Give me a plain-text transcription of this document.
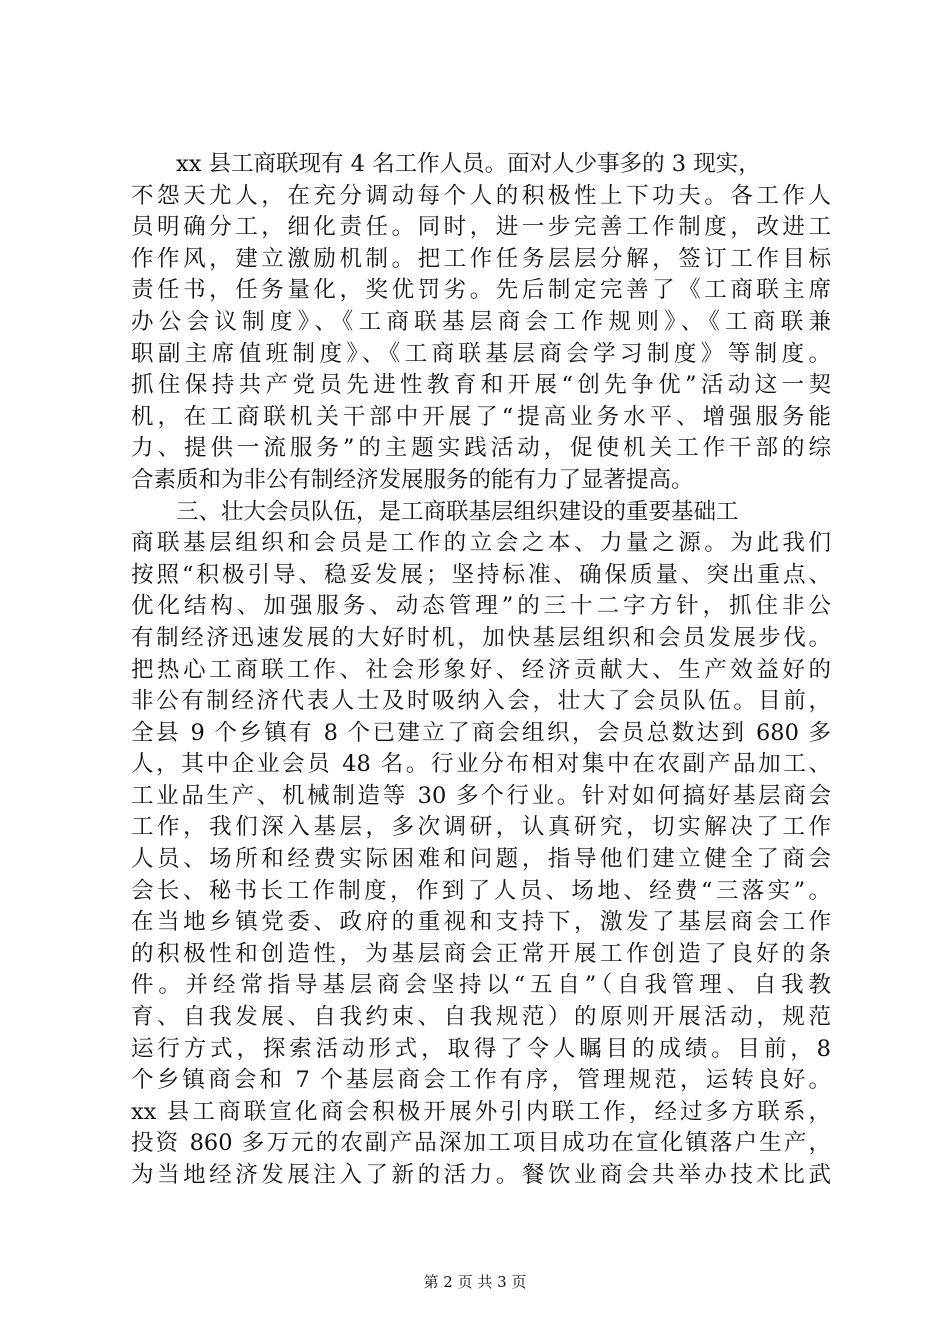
xx 县工商联现有 4 名工作人员。面对人少事多的 3 现实，
不怨天尤人，在充分调动每个人的积极性上下功夫。各工作人
员明确分工，细化责任。同时，进一步完善工作制度，改进工
作作风，建立激励机制。把工作任务层层分解，签订工作目标
责任书，任务量化，奖优罚劣。先后制定完善了《工商联主席
办公会议制度》、《工商联基层商会工作规则》、《工商联兼
职副主席值班制度》、《工商联基层商会学习制度》等制度。
抓住保持共产党员先进性教育和开展“创先争优”活动这一契
机，在工商联机关干部中开展了“提高业务水平、增强服务能
力、提供一流服务”的主题实践活动，促使机关工作干部的综
合素质和为非公有制经济发展服务的能有力了显著提高。
三、壮大会员队伍，是工商联基层组织建设的重要基础工
商联基层组织和会员是工作的立会之本、力量之源。为此我们
按照“积极引导、稳妥发展；坚持标准、确保质量、突出重点、
优化结构、加强服务、动态管理”的三十二字方针，抓住非公
有制经济迅速发展的大好时机，加快基层组织和会员发展步伐。
把热心工商联工作、社会形象好、经济贡献大、生产效益好的
非公有制经济代表人士及时吸纳入会，壮大了会员队伍。目前，
全县 9 个乡镇有 8 个已建立了商会组织，会员总数达到 680 多
人，其中企业会员 48 名。行业分布相对集中在农副产品加工、
工业品生产、机械制造等 30 多个行业。针对如何搞好基层商会
工作，我们深入基层，多次调研，认真研究，切实解决了工作
人员、场所和经费实际困难和问题，指导他们建立健全了商会
会长、秘书长工作制度，作到了人员、场地、经费“三落实”。
在当地乡镇党委、政府的重视和支持下，激发了基层商会工作
的积极性和创造性，为基层商会正常开展工作创造了良好的条
件。并经常指导基层商会坚持以“五自”（自我管理、自我教
育、自我发展、自我约束、自我规范）的原则开展活动，规范
运行方式，探索活动形式，取得了令人瞩目的成绩。目前，8
个乡镇商会和 7 个基层商会工作有序，管理规范，运转良好。
xx 县工商联宣化商会积极开展外引内联工作，经过多方联系，
投资 860 多万元的农副产品深加工项目成功在宣化镇落户生产，
为当地经济发展注入了新的活力。餐饮业商会共举办技术比武
第 2 页 共 3 页
